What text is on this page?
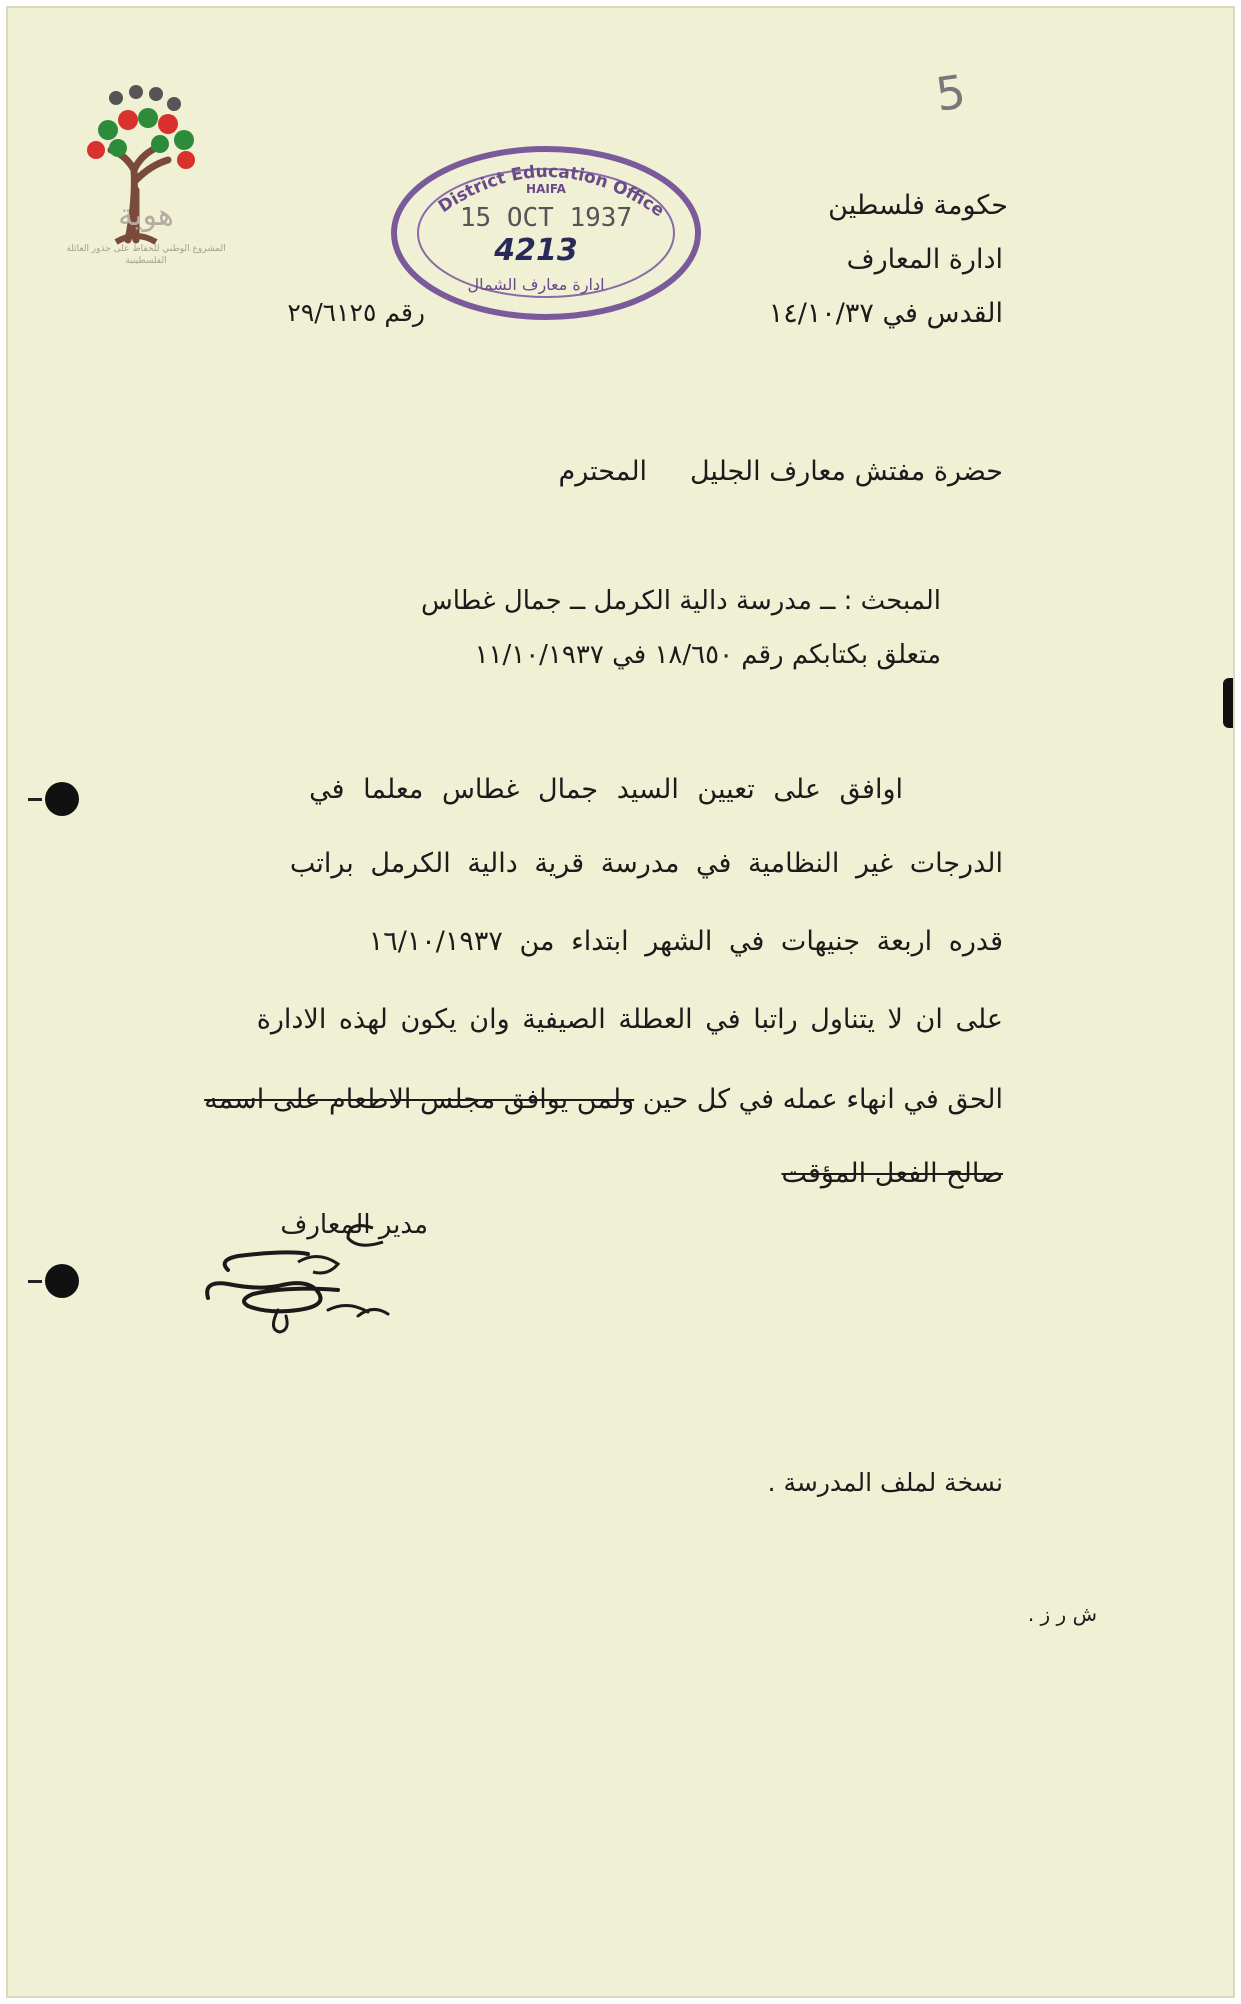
هوية
المشروع الوطني للحفاظ على جذور العائلة الفلسطينية
5
District Education Office
HAIFA
15 OCT 1937
4213
ادارة معارف الشمال
حكومة فلسطين
ادارة المعارف
القدس في ١٤/١٠/٣٧
رقم ٢٩/٦١٢٥
حضرة مفتش معارف الجليل     المحترم
المبحث : ــ مدرسة دالية الكرمل ــ جمال غطاس
متعلق بكتابكم رقم ١٨/٦٥٠ في ١١/١٠/١٩٣٧
اوافق على تعيين السيد جمال غطاس معلما في
الدرجات غير النظامية في مدرسة قرية دالية الكرمل براتب
قدره اربعة جنيهات في الشهر ابتداء من ١٦/١٠/١٩٣٧
على ان لا يتناول راتبا في العطلة الصيفية وان يكون لهذه الادارة
الحق في انهاء عمله في كل حين ولمن يوافق مجلس الاطعام على اسمه
صالح الفعل المؤقت
مدير المعارف
نسخة لملف المدرسة .
ش ر ز .
